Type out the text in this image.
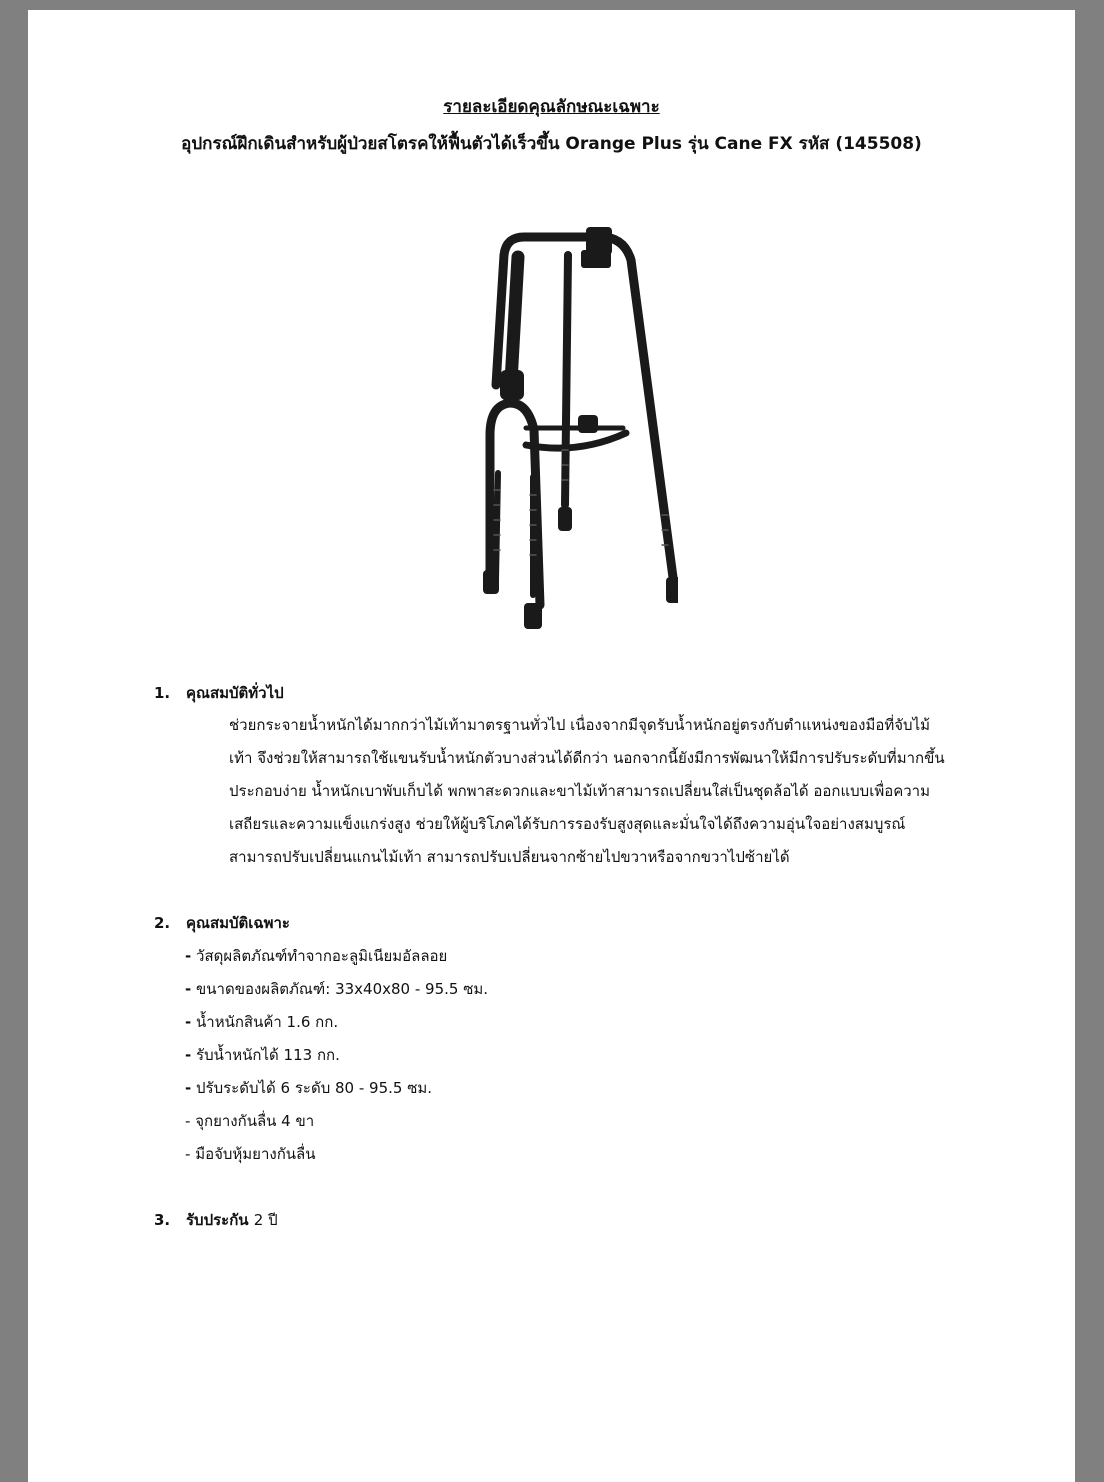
รายละเอียดคุณลักษณะเฉพาะ
อุปกรณ์ฝึกเดินสำหรับผู้ป่วยสโตรคให้ฟื้นตัวได้เร็วขึ้น Orange Plus รุ่น Cane FX รหัส (145508)
1. คุณสมบัติทั่วไป
ช่วยกระจายน้ำหนักได้มากกว่าไม้เท้ามาตรฐานทั่วไป เนื่องจากมีจุดรับน้ำหนักอยู่ตรงกับตำแหน่งของมือที่จับไม้
เท้า จึงช่วยให้สามารถใช้แขนรับน้ำหนักตัวบางส่วนได้ดีกว่า นอกจากนี้ยังมีการพัฒนาให้มีการปรับระดับที่มากขึ้น
ประกอบง่าย น้ำหนักเบาพับเก็บได้ พกพาสะดวกและขาไม้เท้าสามารถเปลี่ยนใส่เป็นชุดล้อได้ ออกแบบเพื่อความ
เสถียรและความแข็งแกร่งสูง ช่วยให้ผู้บริโภคได้รับการรองรับสูงสุดและมั่นใจได้ถึงความอุ่นใจอย่างสมบูรณ์
สามารถปรับเปลี่ยนแกนไม้เท้า สามารถปรับเปลี่ยนจากซ้ายไปขวาหรือจากขวาไปซ้ายได้
2. คุณสมบัติเฉพาะ
- วัสดุผลิตภัณฑ์ทำจากอะลูมิเนียมอัลลอย
- ขนาดของผลิตภัณฑ์: 33x40x80 - 95.5 ซม.
- น้ำหนักสินค้า 1.6 กก.
- รับน้ำหนักได้ 113 กก.
- ปรับระดับได้ 6 ระดับ 80 - 95.5 ซม.
- จุกยางกันลื่น 4 ขา
- มือจับหุ้มยางกันลื่น
3. รับประกัน 2 ปี
